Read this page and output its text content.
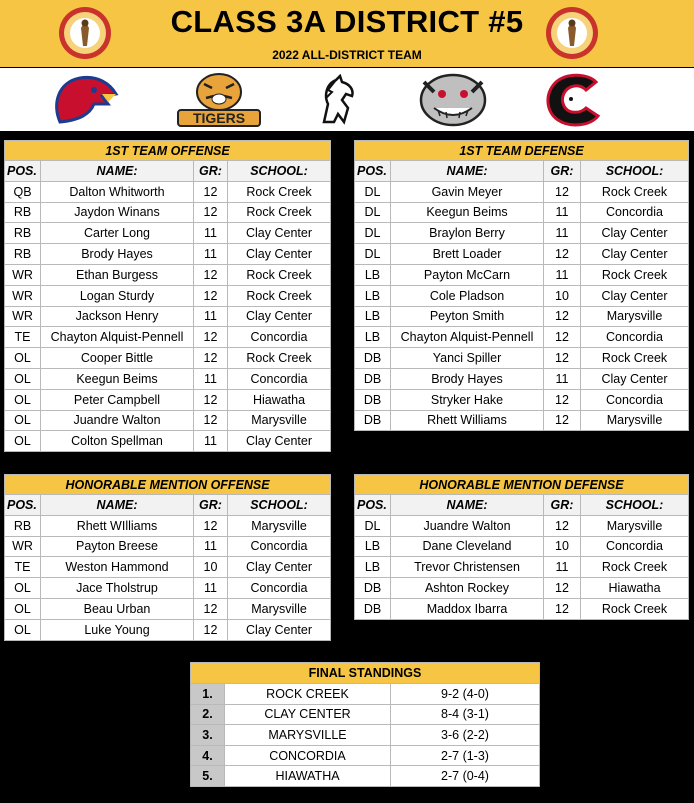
CLASS 3A DISTRICT #5
2022 ALL-DISTRICT TEAM
TIGERS
1ST TEAM OFFENSE			
POS.	NAME:	GR:	SCHOOL:
QB	Dalton Whitworth	12	Rock Creek
RB	Jaydon Winans	12	Rock Creek
RB	Carter Long	11	Clay Center
RB	Brody Hayes	11	Clay Center
WR	Ethan Burgess	12	Rock Creek
WR	Logan Sturdy	12	Rock Creek
WR	Jackson Henry	11	Clay Center
TE	Chayton Alquist-Pennell	12	Concordia
OL	Cooper Bittle	12	Rock Creek
OL	Keegun Beims	11	Concordia
OL	Peter Campbell	12	Hiawatha
OL	Juandre Walton	12	Marysville
OL	Colton Spellman	11	Clay Center
1ST TEAM DEFENSE			
POS.	NAME:	GR:	SCHOOL:
DL	Gavin Meyer	12	Rock Creek
DL	Keegun Beims	11	Concordia
DL	Braylon Berry	11	Clay Center
DL	Brett Loader	12	Clay Center
LB	Payton McCarn	11	Rock Creek
LB	Cole Pladson	10	Clay Center
LB	Peyton Smith	12	Marysville
LB	Chayton Alquist-Pennell	12	Concordia
DB	Yanci Spiller	12	Rock Creek
DB	Brody Hayes	11	Clay Center
DB	Stryker Hake	12	Concordia
DB	Rhett Williams	12	Marysville
HONORABLE MENTION OFFENSE			
POS.	NAME:	GR:	SCHOOL:
RB	Rhett WIlliams	12	Marysville
WR	Payton Breese	11	Concordia
TE	Weston Hammond	10	Clay Center
OL	Jace Tholstrup	11	Concordia
OL	Beau Urban	12	Marysville
OL	Luke Young	12	Clay Center
HONORABLE MENTION DEFENSE			
POS.	NAME:	GR:	SCHOOL:
DL	Juandre Walton	12	Marysville
LB	Dane Cleveland	10	Concordia
LB	Trevor Christensen	11	Rock Creek
DB	Ashton Rockey	12	Hiawatha
DB	Maddox Ibarra	12	Rock Creek
FINAL STANDINGS		
1.	ROCK CREEK	9-2 (4-0)
2.	CLAY CENTER	8-4 (3-1)
3.	MARYSVILLE	3-6 (2-2)
4.	CONCORDIA	2-7 (1-3)
5.	HIAWATHA	2-7 (0-4)
